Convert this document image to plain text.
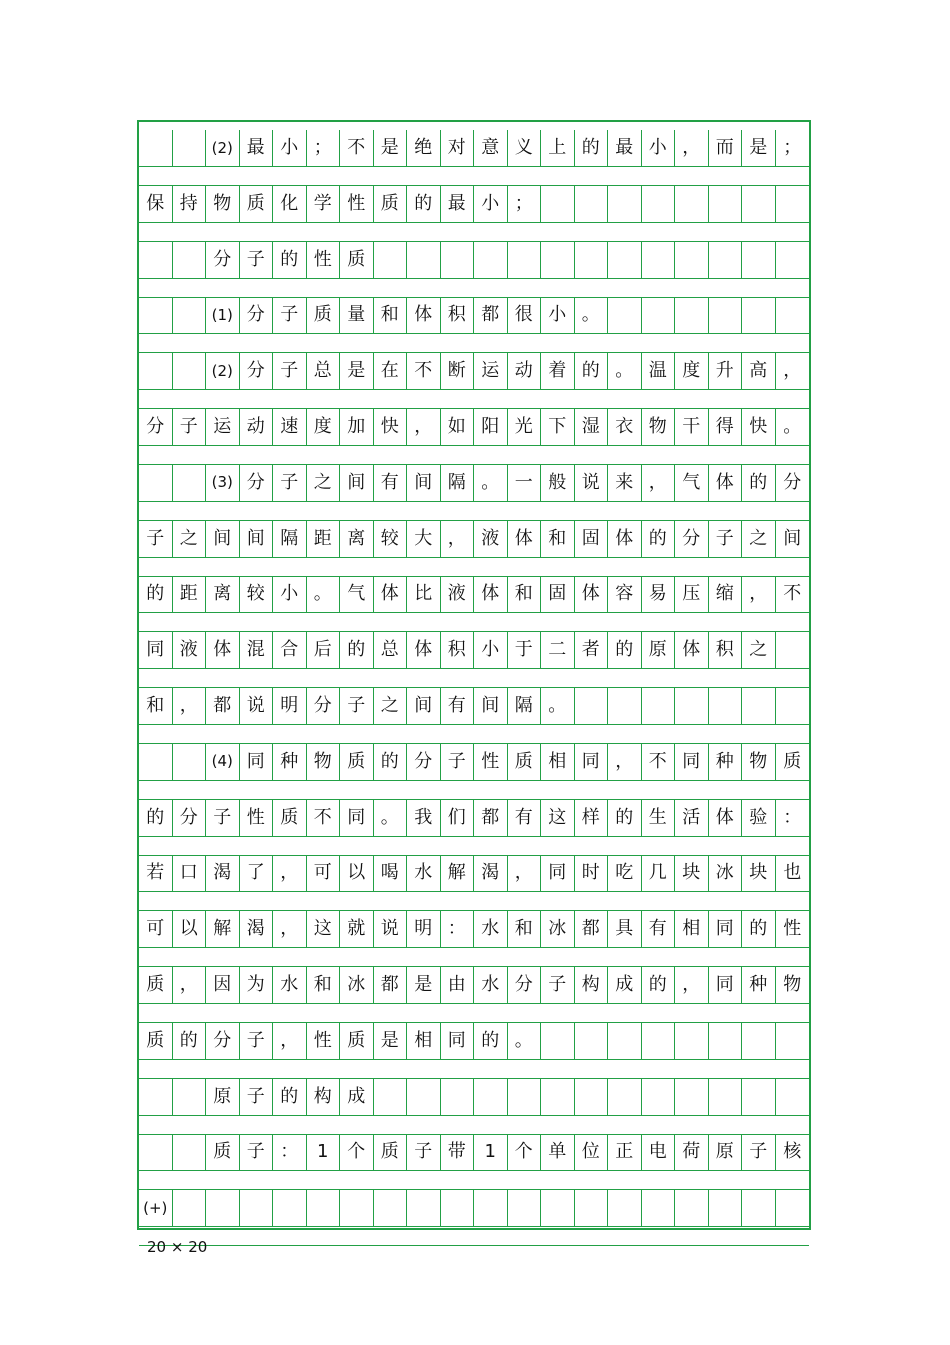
(2) 最 小 ； 不 是 绝 对 意 义 上 的 最 小 ， 而 是 ；
保 持 物 质 化 学 性 质 的 最 小 ；
分 子 的 性 质
(1) 分 子 质 量 和 体 积 都 很 小 。
(2) 分 子 总 是 在 不 断 运 动 着 的 。 温 度 升 高 ，
分 子 运 动 速 度 加 快 ， 如 阳 光 下 湿 衣 物 干 得 快 。
(3) 分 子 之 间 有 间 隔 。 一 般 说 来 ， 气 体 的 分
子 之 间 间 隔 距 离 较 大 ， 液 体 和 固 体 的 分 子 之 间
的 距 离 较 小 。 气 体 比 液 体 和 固 体 容 易 压 缩 ， 不
同 液 体 混 合 后 的 总 体 积 小 于 二 者 的 原 体 积 之
和 ， 都 说 明 分 子 之 间 有 间 隔 。
(4) 同 种 物 质 的 分 子 性 质 相 同 ， 不 同 种 物 质
的 分 子 性 质 不 同 。 我 们 都 有 这 样 的 生 活 体 验 ：
若 口 渴 了 ， 可 以 喝 水 解 渴 ， 同 时 吃 几 块 冰 块 也
可 以 解 渴 ， 这 就 说 明 ： 水 和 冰 都 具 有 相 同 的 性
质 ， 因 为 水 和 冰 都 是 由 水 分 子 构 成 的 ， 同 种 物
质 的 分 子 ， 性 质 是 相 同 的 。
原 子 的 构 成
质 子 ：	1	个 质 子 带	1	个 单 位 正 电 荷 原 子 核
(+)
20 × 20
